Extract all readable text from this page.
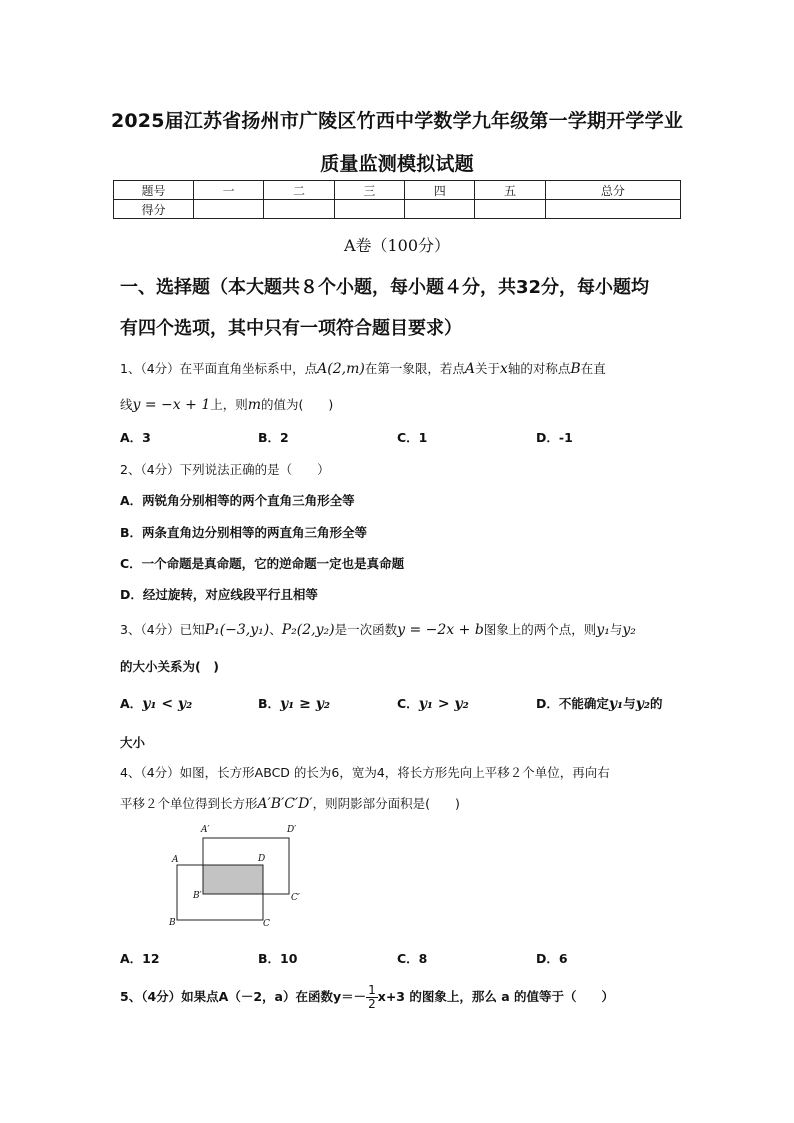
2025届江苏省扬州市广陵区竹西中学数学九年级第一学期开学学业
质量监测模拟试题
题号	一	二	三	四	五	总分
得分						
A卷（100分）
一、选择题（本大题共８个小题，每小题４分，共32分，每小题均
有四个选项，其中只有一项符合题目要求）
1、（4分）在平面直角坐标系中，点A(2,m)在第一象限，若点A关于x轴的对称点B在直
线y = −x + 1上，则m的值为(　　)
A．3	B．2	C．1	D．-1
2、（4分）下列说法正确的是（　　）
A．两锐角分别相等的两个直角三角形全等
B．两条直角边分别相等的两直角三角形全等
C．一个命题是真命题，它的逆命题一定也是真命题
D．经过旋转，对应线段平行且相等
3、（4分）已知P₁(−3,y₁)、P₂(2,y₂)是一次函数y = −2x + b图象上的两个点，则y₁与y₂
的大小关系为(　)
A．y₁ < y₂	B．y₁ ≥ y₂	C．y₁ > y₂	D．不能确定y₁与y₂的
大小
4、（4分）如图，长方形ABCD 的长为6，宽为4，将长方形先向上平移２个单位，再向右
平移２个单位得到长方形A′B′C′D′，则阴影部分面积是(　　)
A
B	C
D
A′
B′	C′
D′
A．12	B．10	C．8	D．6
5、（4分）如果点A（－2，a）在函数$y=- \frac{1}{2} x+3$ 的图象上，那么 a 的值等于（　　）
